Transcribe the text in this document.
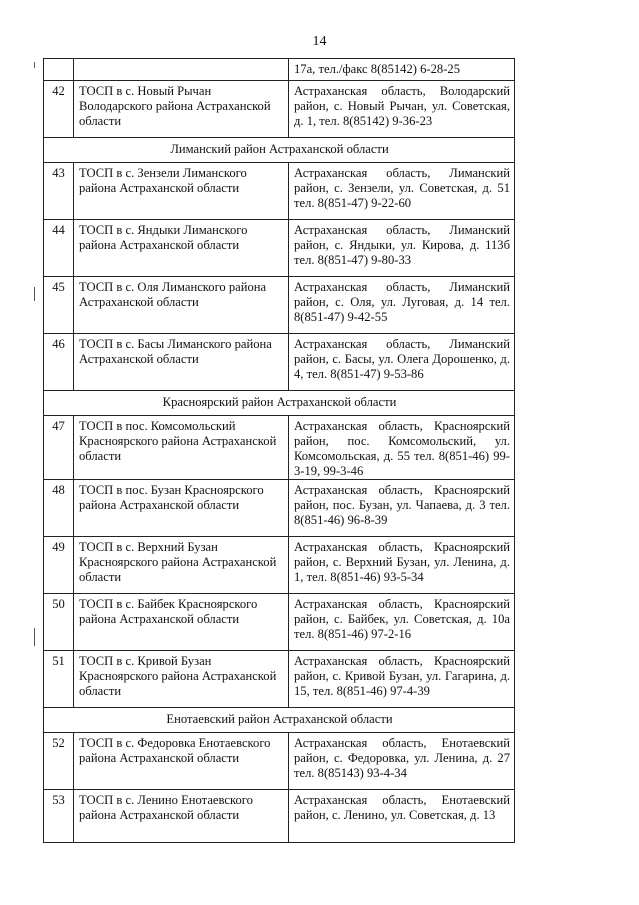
14
		17а, тел./факс 8(85142) 6-28-25
42	ТОСП в с. Новый Рычан Володарского района Астраханской области	Астраханская область, Володарский район, с. Новый Рычан, ул. Советская, д. 1, тел. 8(85142) 9-36-23
Лиманский район Астраханской области		
43	ТОСП в с. Зензели Лиманского района Астраханской области	Астраханская область, Лиманский район, с. Зензели, ул. Советская, д. 51 тел. 8(851-47) 9-22-60
44	ТОСП в с. Яндыки Лиманского района Астраханской области	Астраханская область, Лиманский район, с. Яндыки, ул. Кирова, д. 113б тел. 8(851-47) 9-80-33
45	ТОСП в с. Оля Лиманского района Астраханской области	Астраханская область, Лиманский район, с. Оля, ул. Луговая, д. 14 тел. 8(851-47) 9-42-55
46	ТОСП в с. Басы Лиманского района Астраханской области	Астраханская область, Лиманский район, с. Басы, ул. Олега Дорошенко, д. 4, тел. 8(851-47) 9-53-86
Красноярский район Астраханской области		
47	ТОСП в пос. Комсомольский Красноярского района Астраханской области	Астраханская область, Красноярский район, пос. Комсомольский, ул. Комсомольская, д. 55 тел. 8(851-46) 99-3-19, 99-3-46
48	ТОСП в пос. Бузан Красноярского района Астраханской области	Астраханская область, Красноярский район, пос. Бузан, ул. Чапаева, д. 3 тел. 8(851-46) 96-8-39
49	ТОСП в с. Верхний Бузан Красноярского района Астраханской области	Астраханская область, Красноярский район, с. Верхний Бузан, ул. Ленина, д. 1, тел. 8(851-46) 93-5-34
50	ТОСП в с. Байбек Красноярского района Астраханской области	Астраханская область, Красноярский район, с. Байбек, ул. Советская, д. 10а тел. 8(851-46) 97-2-16
51	ТОСП в с. Кривой Бузан Красноярского района Астраханской области	Астраханская область, Красноярский район, с. Кривой Бузан, ул. Гагарина, д. 15, тел. 8(851-46) 97-4-39
Енотаевский район Астраханской области		
52	ТОСП в с. Федоровка Енотаевского района Астраханской области	Астраханская область, Енотаевский район, с. Федоровка, ул. Ленина, д. 27 тел. 8(85143) 93-4-34
53	ТОСП в с. Ленино Енотаевского района Астраханской области	Астраханская область, Енотаевский район, с. Ленино, ул. Советская, д. 13
